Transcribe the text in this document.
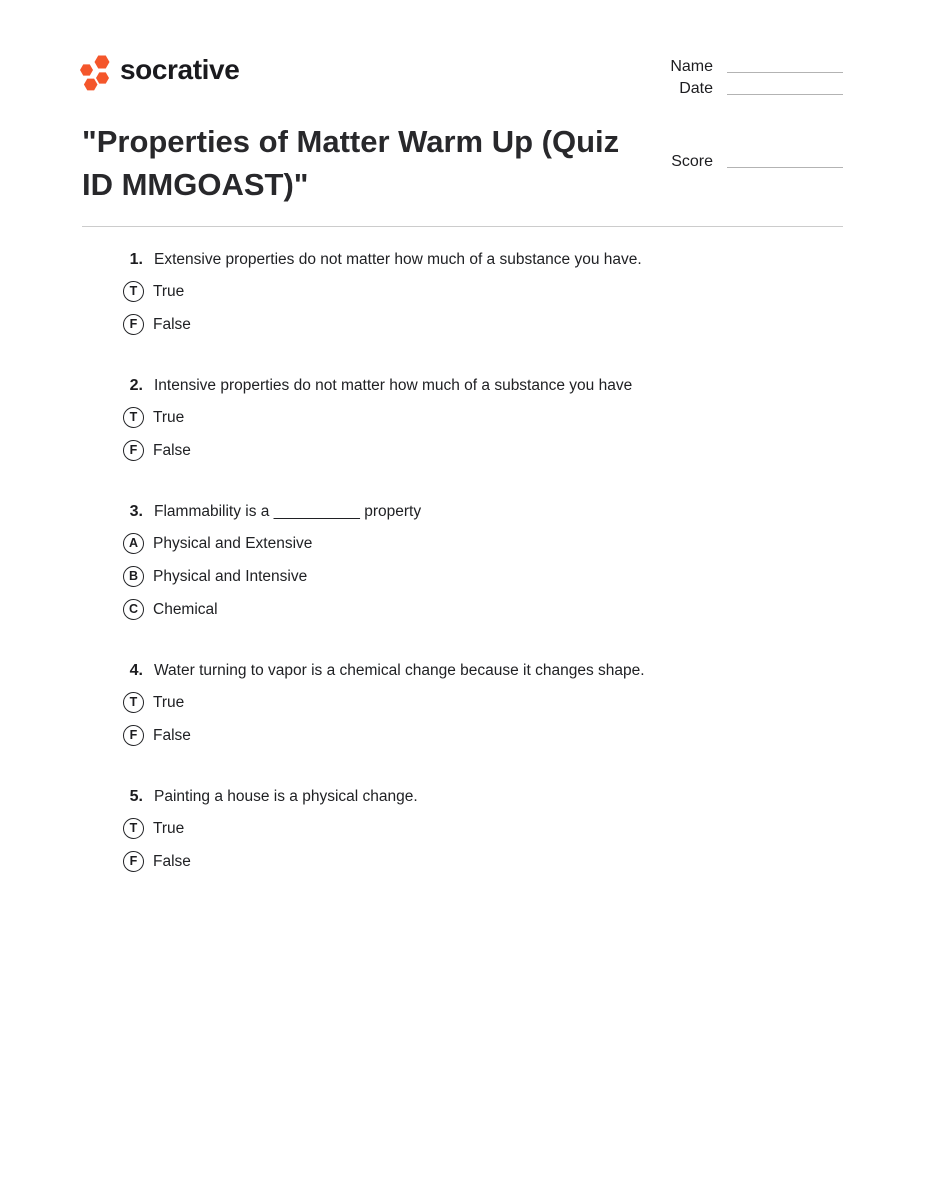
socrative	Name
Date
Score
"Properties of Matter Warm Up (Quiz ID MMGOAST)"
1. Extensive properties do not matter how much of a substance you have.
T	True
F	False
2. Intensive properties do not matter how much of a substance you have
T	True
F	False
3. Flammability is a __________ property
A Physical and Extensive
B Physical and Intensive
C Chemical
4. Water turning to vapor is a chemical change because it changes shape.
T	True
F	False
5. Painting a house is a physical change.
T	True
F	False
